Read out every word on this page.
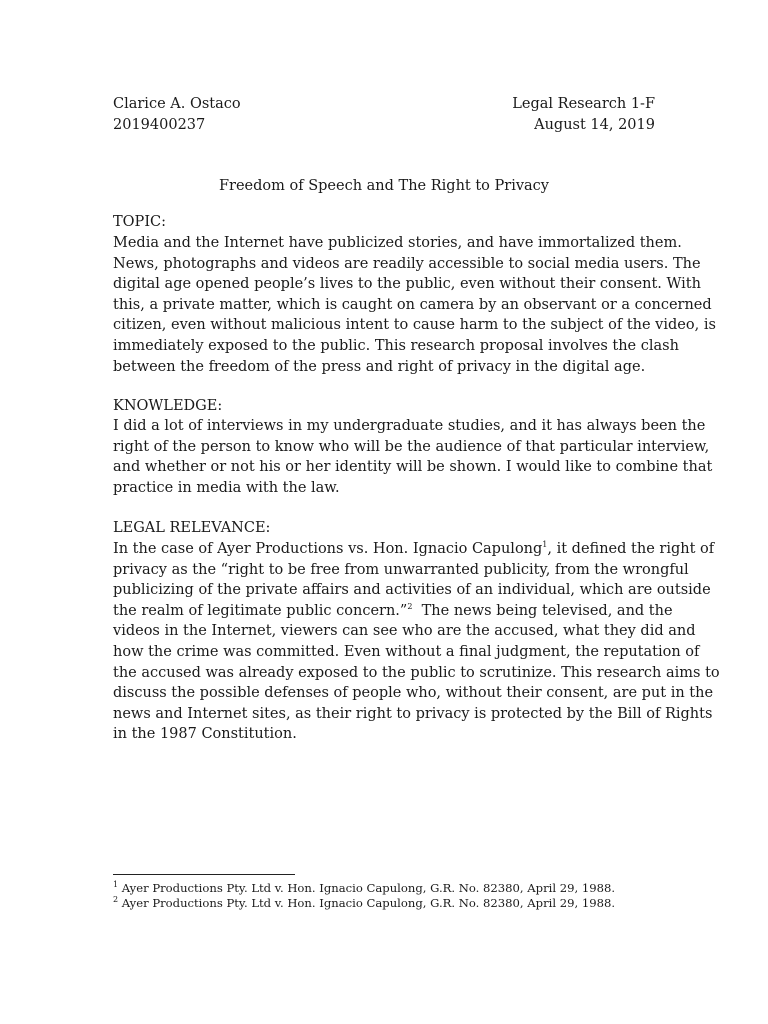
Clarice A. Ostaco	Legal Research 1-F
2019400237	August 14, 2019
Freedom of Speech and The Right to Privacy
TOPIC:
Media and the Internet have publicized stories, and have immortalized them.
News, photographs and videos are readily accessible to social media users. The
digital age opened people’s lives to the public, even without their consent. With
this, a private matter, which is caught on camera by an observant or a concerned
citizen, even without malicious intent to cause harm to the subject of the video, is
immediately exposed to the public. This research proposal involves the clash
between the freedom of the press and right of privacy in the digital age.
KNOWLEDGE:
I did a lot of interviews in my undergraduate studies, and it has always been the
right of the person to know who will be the audience of that particular interview,
and whether or not his or her identity will be shown. I would like to combine that
practice in media with the law.
LEGAL RELEVANCE:
In the case of Ayer Productions vs. Hon. Ignacio Capulong$^1$, it defined the right of
privacy as the “right to be free from unwarranted publicity, from the wrongful
publicizing of the private affairs and activities of an individual, which are outside
the realm of legitimate public concern.”$^2$  The news being televised, and the
videos in the Internet, viewers can see who are the accused, what they did and
how the crime was committed. Even without a final judgment, the reputation of
the accused was already exposed to the public to scrutinize. This research aims to
discuss the possible defenses of people who, without their consent, are put in the
news and Internet sites, as their right to privacy is protected by the Bill of Rights
in the 1987 Constitution.
$^1$ Ayer Productions Pty. Ltd v. Hon. Ignacio Capulong, G.R. No. 82380, April 29, 1988.
$^2$ Ayer Productions Pty. Ltd v. Hon. Ignacio Capulong, G.R. No. 82380, April 29, 1988.
